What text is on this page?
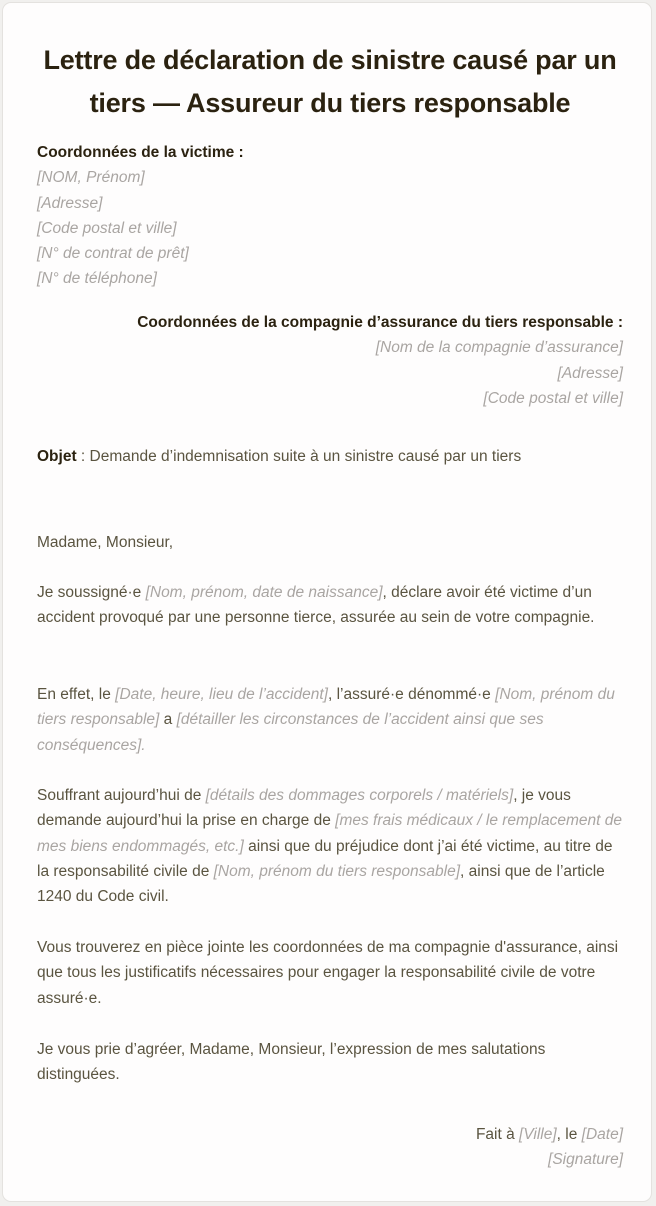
Lettre de déclaration de sinistre causé par un tiers — Assureur du tiers responsable
Coordonnées de la victime :
[NOM, Prénom]
[Adresse]
[Code postal et ville]
[N° de contrat de prêt]
[N° de téléphone]
Coordonnées de la compagnie d’assurance du tiers responsable :
[Nom de la compagnie d’assurance]
[Adresse]
[Code postal et ville]
Objet : Demande d’indemnisation suite à un sinistre causé par un tiers
Madame, Monsieur,

Je soussigné·e [Nom, prénom, date de naissance], déclare avoir été victime d’un accident provoqué par une personne tierce, assurée au sein de votre compagnie.

En effet, le [Date, heure, lieu de l’accident], l’assuré·e dénommé·e [Nom, prénom du tiers responsable] a [détailler les circonstances de l’accident ainsi que ses conséquences].

Souffrant aujourd’hui de [détails des dommages corporels / matériels], je vous demande aujourd’hui la prise en charge de [mes frais médicaux / le remplacement de mes biens endommagés, etc.] ainsi que du préjudice dont j’ai été victime, au titre de la responsabilité civile de [Nom, prénom du tiers responsable], ainsi que de l’article 1240 du Code civil.

Vous trouverez en pièce jointe les coordonnées de ma compagnie d'assurance, ainsi que tous les justificatifs nécessaires pour engager la responsabilité civile de votre assuré·e.

Je vous prie d’agréer, Madame, Monsieur, l’expression de mes salutations distinguées.

Fait à [Ville], le [Date]
[Signature]
